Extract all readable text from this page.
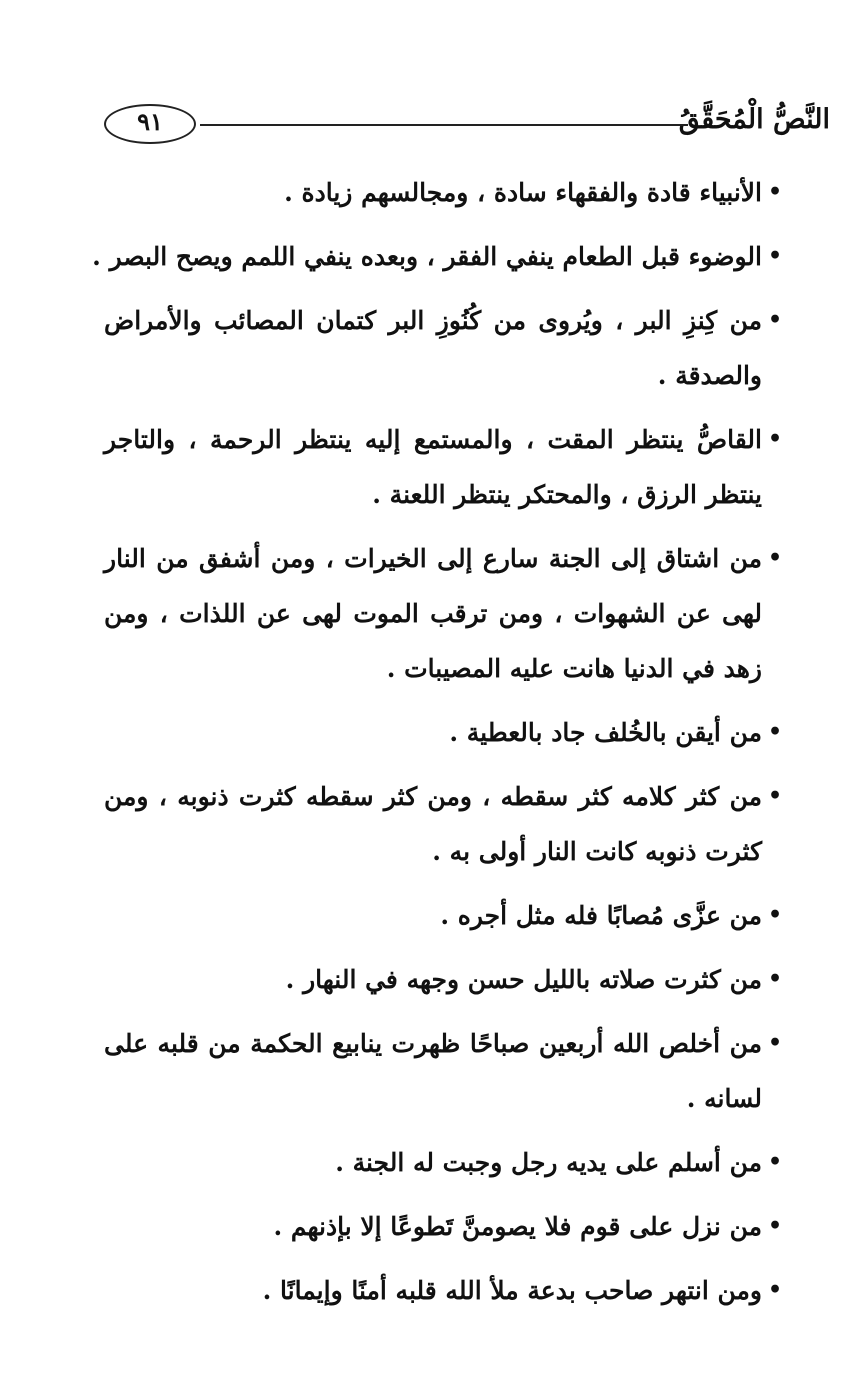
النَّصُّ الْمُحَقَّقُ
٩١
•
الأنبياء قادة والفقهاء سادة ، ومجالسهم زيادة .
•
الوضوء قبل الطعام ينفي الفقر ، وبعده ينفي اللمم ويصح البصر .
•
من كِنزِ البر ، ويُروى من كُنُوزِ البر كتمان المصائب والأمراض والصدقة .
•
القاصُّ ينتظر المقت ، والمستمع إليه ينتظر الرحمة ، والتاجر ينتظر الرزق ، والمحتكر ينتظر اللعنة .
•
من اشتاق إلى الجنة سارع إلى الخيرات ، ومن أشفق من النار لهى عن الشهوات ، ومن ترقب الموت لهى عن اللذات ، ومن زهد في الدنيا هانت عليه المصيبات .
•
من أيقن بالخُلف جاد بالعطية .
•
من كثر كلامه كثر سقطه ، ومن كثر سقطه كثرت ذنوبه ، ومن كثرت ذنوبه كانت النار أولى به .
•
من عزَّى مُصابًا فله مثل أجره .
•
من كثرت صلاته بالليل حسن وجهه في النهار .
•
من أخلص الله أربعين صباحًا ظهرت ينابيع الحكمة من قلبه على لسانه .
•
من أسلم على يديه رجل وجبت له الجنة .
•
من نزل على قوم فلا يصومنَّ تَطوعًا إلا بإذنهم .
•
ومن انتهر صاحب بدعة ملأ الله قلبه أمنًا وإيمانًا .
